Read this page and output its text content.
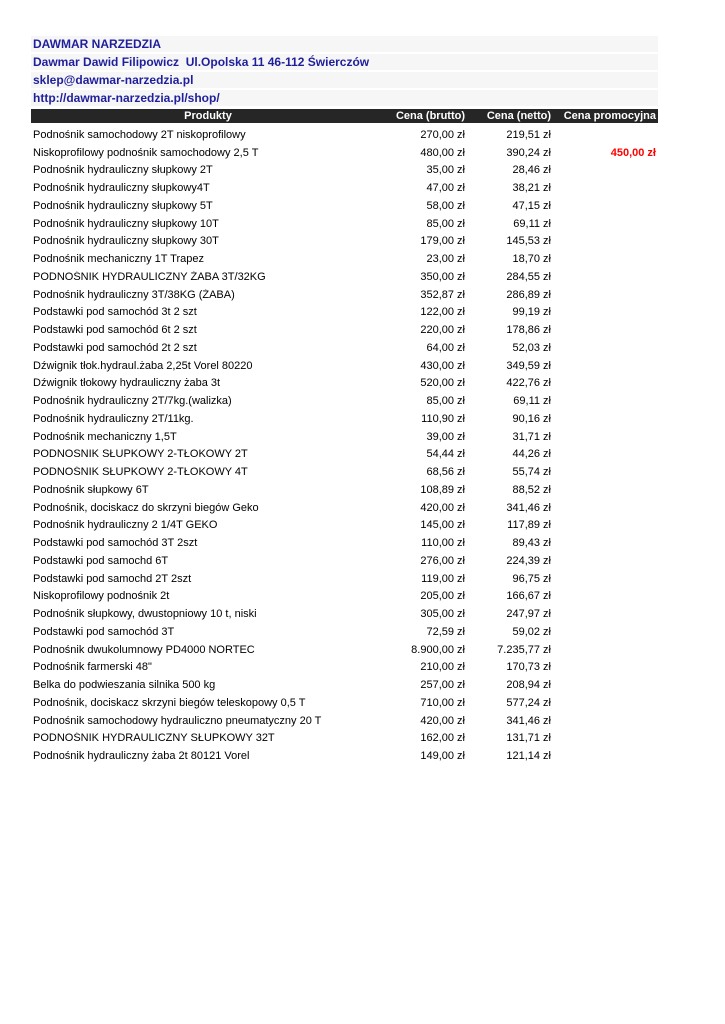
DAWMAR NARZEDZIA
Dawmar Dawid Filipowicz  Ul.Opolska 11 46-112 Świerczów
sklep@dawmar-narzedzia.pl
http://dawmar-narzedzia.pl/shop/
Produkty	Cena (brutto)	Cena (netto)	Cena promocyjna
Podnośnik samochodowy 2T niskoprofilowy	270,00 zł	219,51 zł
Niskoprofilowy podnośnik samochodowy 2,5 T	480,00 zł	390,24 zł	450,00 zł
Podnośnik hydrauliczny słupkowy 2T	35,00 zł	28,46 zł
Podnośnik hydrauliczny słupkowy4T	47,00 zł	38,21 zł
Podnośnik hydrauliczny słupkowy 5T	58,00 zł	47,15 zł
Podnośnik hydrauliczny słupkowy 10T	85,00 zł	69,11 zł
Podnośnik hydrauliczny słupkowy 30T	179,00 zł	145,53 zł
Podnośnik mechaniczny 1T Trapez	23,00 zł	18,70 zł
PODNOŚNIK HYDRAULICZNY ŻABA 3T/32KG	350,00 zł	284,55 zł
Podnośnik hydrauliczny 3T/38KG (ŻABA)	352,87 zł	286,89 zł
Podstawki pod samochód 3t 2 szt	122,00 zł	99,19 zł
Podstawki pod samochód 6t 2 szt	220,00 zł	178,86 zł
Podstawki pod samochód 2t 2 szt	64,00 zł	52,03 zł
Dźwignik tłok.hydraul.żaba 2,25t Vorel 80220	430,00 zł	349,59 zł
Dźwignik tłokowy hydrauliczny żaba 3t	520,00 zł	422,76 zł
Podnośnik hydrauliczny 2T/7kg.(walizka)	85,00 zł	69,11 zł
Podnośnik hydrauliczny 2T/11kg.	110,90 zł	90,16 zł
Podnośnik mechaniczny 1,5T	39,00 zł	31,71 zł
PODNOSNIK SŁUPKOWY 2-TŁOKOWY 2T	54,44 zł	44,26 zł
PODNOŚNIK SŁUPKOWY 2-TŁOKOWY 4T	68,56 zł	55,74 zł
Podnośnik słupkowy 6T	108,89 zł	88,52 zł
Podnośnik, dociskacz do skrzyni biegów Geko	420,00 zł	341,46 zł
Podnośnik hydrauliczny 2 1/4T GEKO	145,00 zł	117,89 zł
Podstawki pod samochód 3T 2szt	110,00 zł	89,43 zł
Podstawki pod samochd 6T	276,00 zł	224,39 zł
Podstawki pod samochd 2T 2szt	119,00 zł	96,75 zł
Niskoprofilowy podnośnik 2t	205,00 zł	166,67 zł
Podnośnik słupkowy, dwustopniowy 10 t, niski	305,00 zł	247,97 zł
Podstawki pod samochód 3T	72,59 zł	59,02 zł
Podnośnik dwukolumnowy PD4000 NORTEC	8.900,00 zł	7.235,77 zł
Podnośnik farmerski 48"	210,00 zł	170,73 zł
Belka do podwieszania silnika 500 kg	257,00 zł	208,94 zł
Podnośnik, dociskacz skrzyni biegów teleskopowy 0,5 T	710,00 zł	577,24 zł
Podnośnik samochodowy hydrauliczno pneumatyczny 20 T	420,00 zł	341,46 zł
PODNOŚNIK HYDRAULICZNY SŁUPKOWY 32T	162,00 zł	131,71 zł
Podnośnik hydrauliczny żaba 2t 80121 Vorel	149,00 zł	121,14 zł
